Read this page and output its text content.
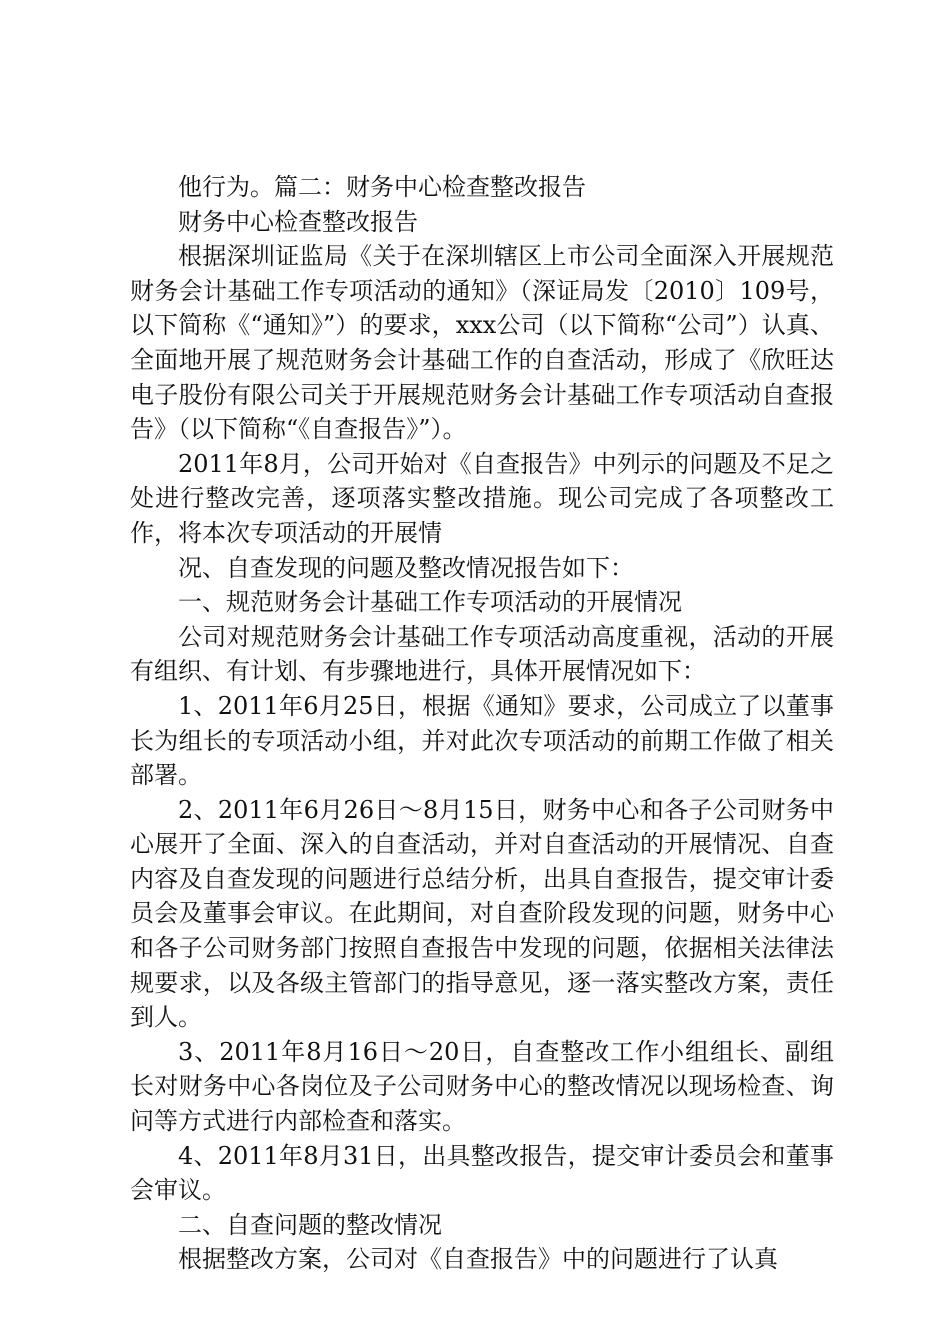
他行为。篇二：财务中心检查整改报告

财务中心检查整改报告

根据深圳证监局《关于在深圳辖区上市公司全面深入开展规范财务会计基础工作专项活动的通知》（深证局发〔2010〕109号，以下简称《“通知》”）的要求，xxx公司（以下简称“公司”）认真、全面地开展了规范财务会计基础工作的自查活动，形成了《欣旺达电子股份有限公司关于开展规范财务会计基础工作专项活动自查报告》（以下简称“《自查报告》”）。

2011年8月，公司开始对《自查报告》中列示的问题及不足之处进行整改完善，逐项落实整改措施。现公司完成了各项整改工作，将本次专项活动的开展情

况、自查发现的问题及整改情况报告如下：

一、规范财务会计基础工作专项活动的开展情况

公司对规范财务会计基础工作专项活动高度重视，活动的开展有组织、有计划、有步骤地进行，具体开展情况如下：

1、2011年6月25日，根据《通知》要求，公司成立了以董事长为组长的专项活动小组，并对此次专项活动的前期工作做了相关部署。

2、2011年6月26日～8月15日，财务中心和各子公司财务中心展开了全面、深入的自查活动，并对自查活动的开展情况、自查内容及自查发现的问题进行总结分析，出具自查报告，提交审计委员会及董事会审议。在此期间，对自查阶段发现的问题，财务中心和各子公司财务部门按照自查报告中发现的问题，依据相关法律法规要求，以及各级主管部门的指导意见，逐一落实整改方案，责任到人。

3、2011年8月16日～20日，自查整改工作小组组长、副组长对财务中心各岗位及子公司财务中心的整改情况以现场检查、询问等方式进行内部检查和落实。

4、2011年8月31日，出具整改报告，提交审计委员会和董事会审议。

二、自查问题的整改情况

根据整改方案，公司对《自查报告》中的问题进行了认真
